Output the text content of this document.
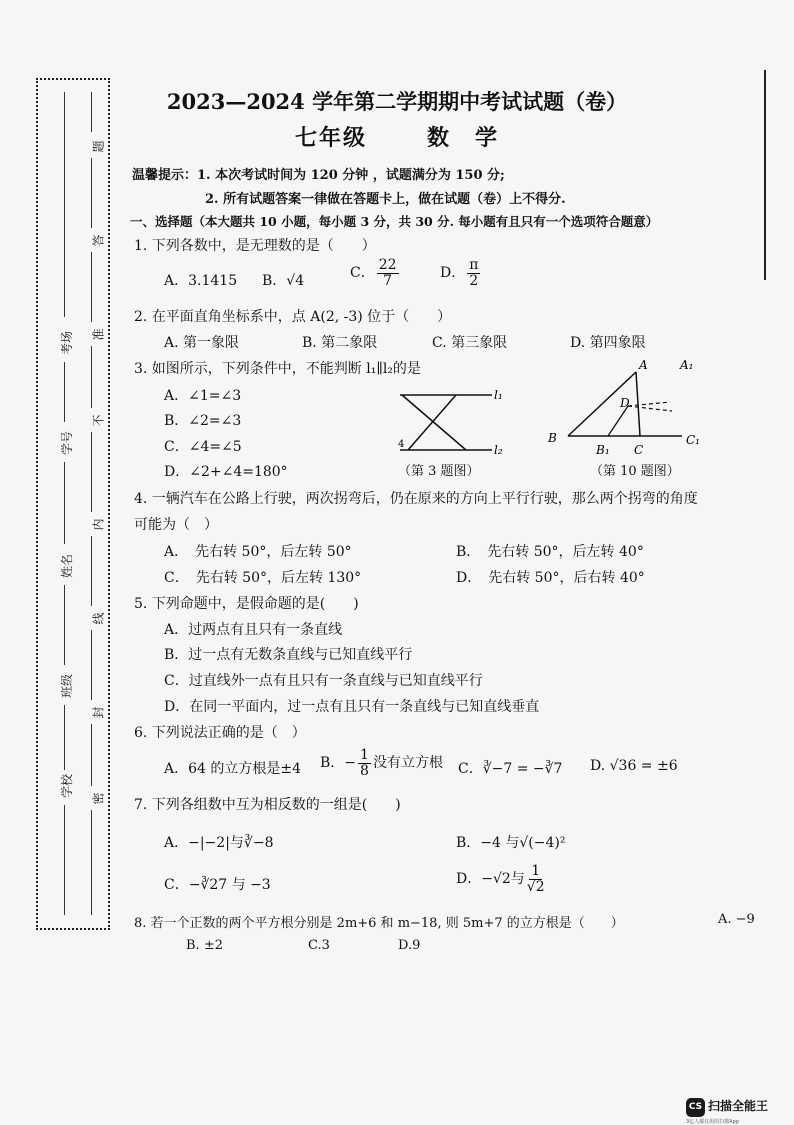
题
答
准
不
内
线
封
密
考场
学号
姓名
班级
学校
2023—2024 学年第二学期期中考试试题（卷）
七年级	数　学
温馨提示：1. 本次考试时间为 120 分钟 ，试题满分为 150 分;
2. 所有试题答案一律做在答题卡上，做在试题（卷）上不得分.
一、选择题（本大题共 10 小题，每小题 3 分，共 30 分. 每小题有且只有一个选项符合题意）
1. 下列各数中，是无理数的是（　　）
A．3.1415 B．√4	C． $\frac{22}{7}$	D． $\frac{\pi}{2}$
2. 在平面直角坐标系中，点 A(2, -3) 位于（　　）
A. 第一象限	B. 第二象限	C. 第三象限	D. 第四象限
3. 如图所示，下列条件中，不能判断 l₁∥l₂的是
A．∠1=∠3
B．∠2=∠3
C．∠4=∠5
D．∠2+∠4=180°
l₁
l₂
4
（第 3 题图）
A	A₁
D
B
B₁ C
C₁
（第 10 题图）
4. 一辆汽车在公路上行驶，两次拐弯后，仍在原来的方向上平行行驶，那么两个拐弯的角度
可能为（　）
A．　先右转 50°，后左转 50°	B．　先右转 50°，后左转 40°
C．　先右转 50°，后左转 130°	D．　先右转 50°，后右转 40°
5. 下列命题中，是假命题的是(　　)
A．过两点有且只有一条直线
B．过一点有无数条直线与已知直线平行
C．过直线外一点有且只有一条直线与已知直线平行
D．在同一平面内，过一点有且只有一条直线与已知直线垂直
6. 下列说法正确的是（　）
A．64 的立方根是±4 B．− $\frac{1}{8}$ 没有立方根 C．∛−7 = −∛7 D. √36 = ±6
7. 下列各组数中互为相反数的一组是(　　)
A．−|−2|与∛−8	B．−4 与√(−4)²
C．−∛27 与 −3	D．−√2与 $\frac{1}{√2}$
8. 若一个正数的两个平方根分别是 2m+6 和 m−18, 则 5m+7 的立方根是（　　）	A. −9
B. ±2	C.3	D.9
CS 扫描全能王
3亿人都在用的扫描App
